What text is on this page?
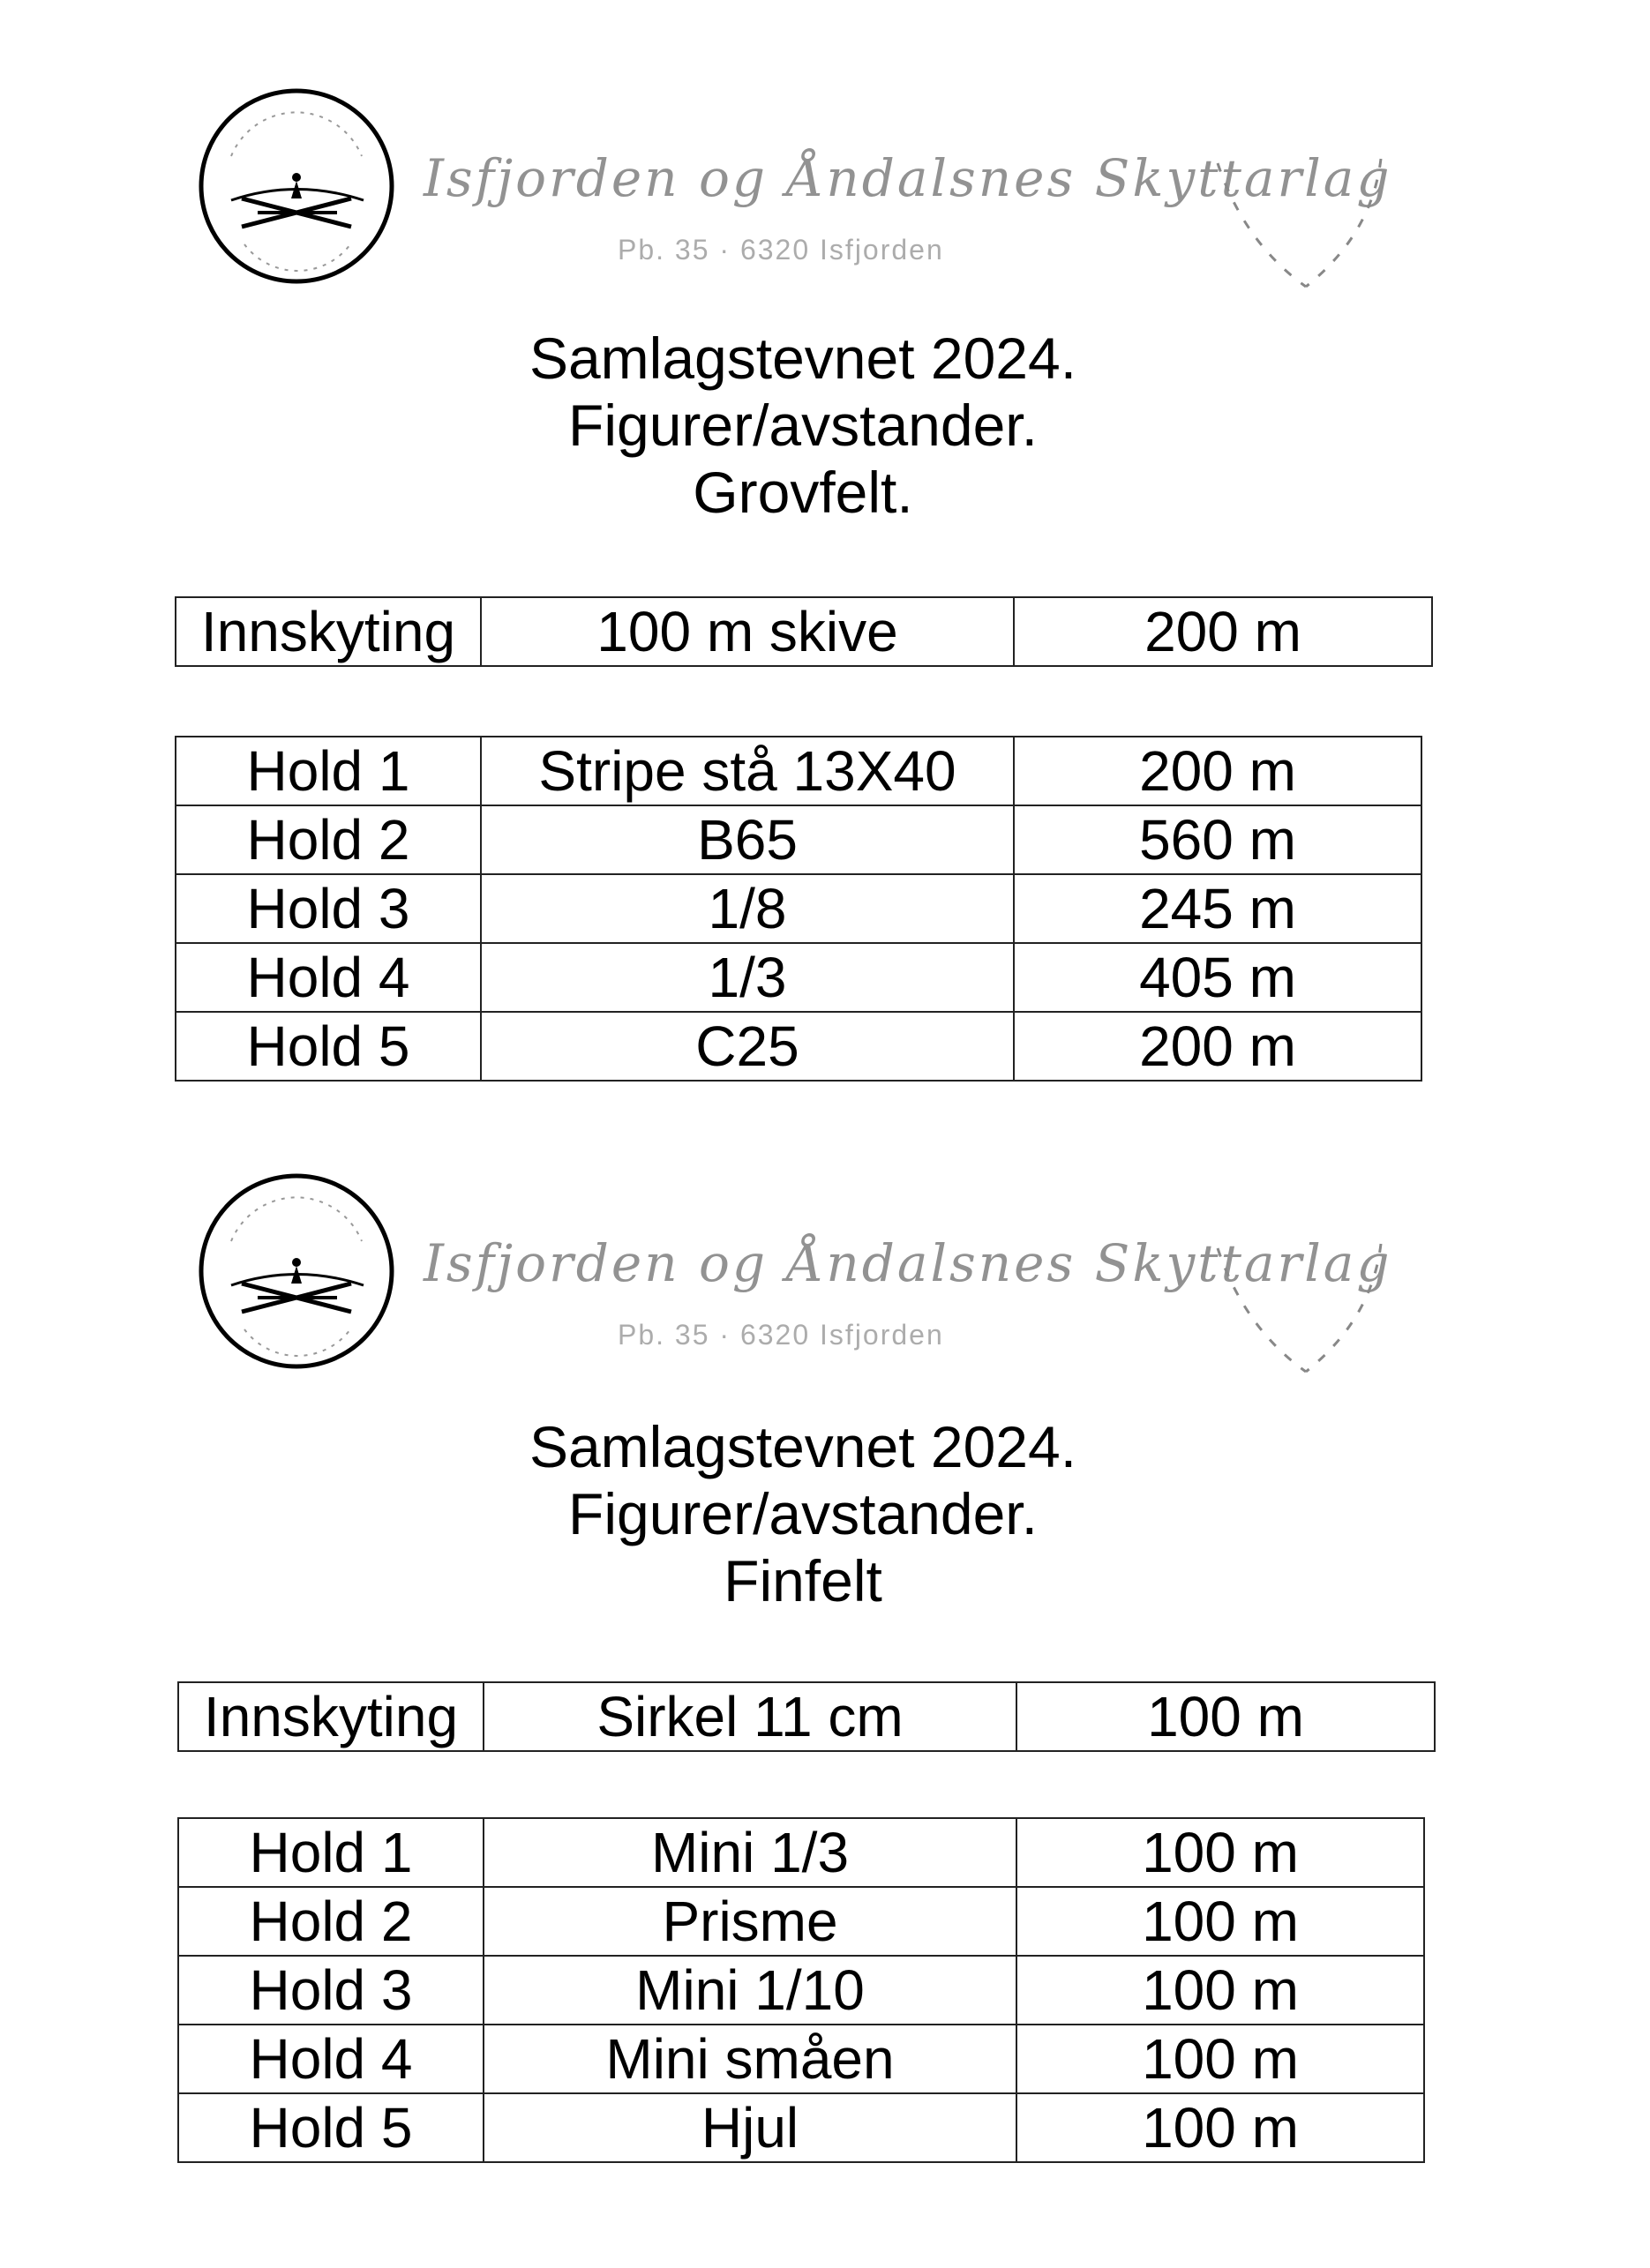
Isfjorden og Åndalsnes Skyttarlag
Pb. 35 · 6320 Isfjorden
Samlagstevnet 2024.
Figurer/avstander.
Grovfelt.
Innskyting	100 m skive	200 m
Hold 1	Stripe stå 13X40	200 m
Hold 2	B65	560 m
Hold 3	1/8	245 m
Hold 4	1/3	405 m
Hold 5	C25	200 m
Isfjorden og Åndalsnes Skyttarlag
Pb. 35 · 6320 Isfjorden
Samlagstevnet 2024.
Figurer/avstander.
Finfelt
Innskyting	Sirkel 11 cm	100 m
Hold 1	Mini 1/3	100 m
Hold 2	Prisme	100 m
Hold 3	Mini 1/10	100 m
Hold 4	Mini småen	100 m
Hold 5	Hjul	100 m
